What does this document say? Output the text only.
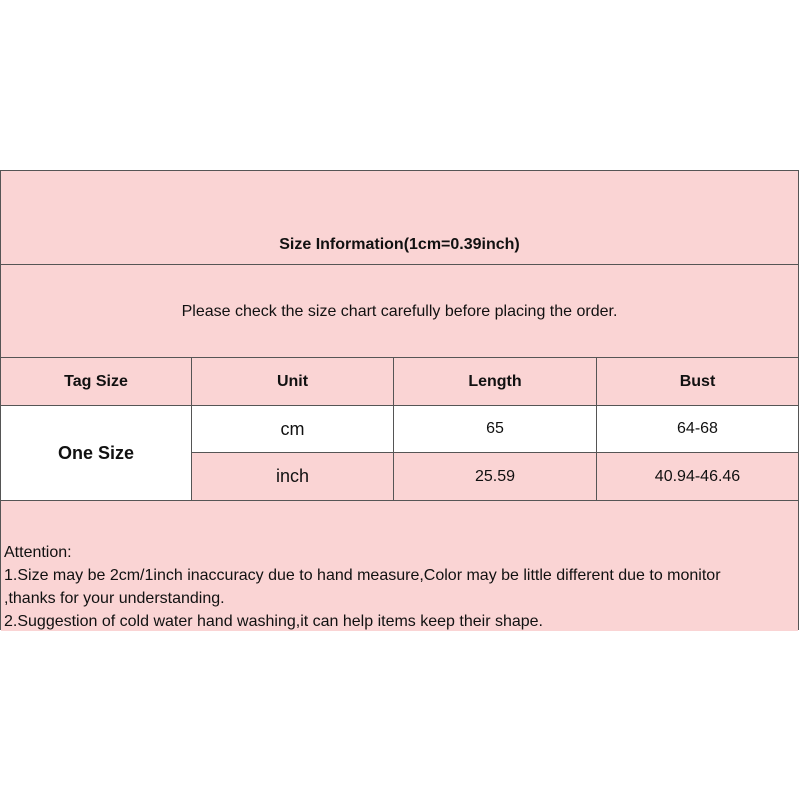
Size Information(1cm=0.39inch)
Please check the size chart carefully before placing the order.
Tag Size	Unit	Length	Bust
One Size
cm	65	64-68
inch	25.59	40.94-46.46
Attention:
1.Size may be 2cm/1inch inaccuracy due to hand measure,Color may be little different due to monitor
,thanks for your understanding.
2.Suggestion of cold water hand washing,it can help items keep their shape.
